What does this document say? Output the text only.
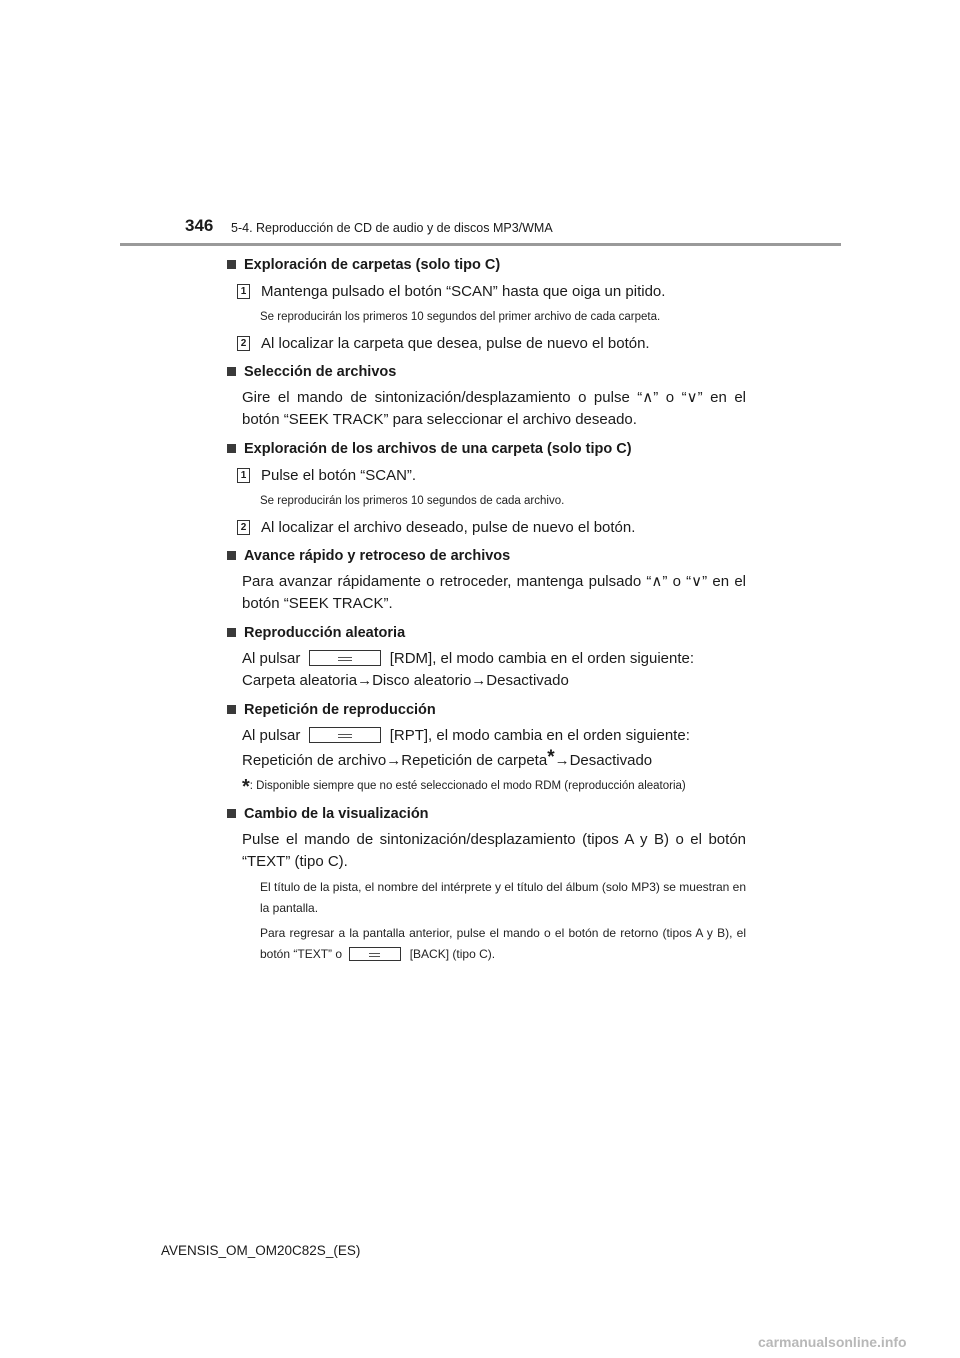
346 5-4. Reproducción de CD de audio y de discos MP3/WMA
Exploración de carpetas (solo tipo C)
1 Mantenga pulsado el botón “SCAN” hasta que oiga un pitido.
Se reproducirán los primeros 10 segundos del primer archivo de cada carpeta.
2 Al localizar la carpeta que desea, pulse de nuevo el botón.
Selección de archivos
Gire el mando de sintonización/desplazamiento o pulse “∧” o “∨” en el botón “SEEK TRACK” para seleccionar el archivo deseado.
Exploración de los archivos de una carpeta (solo tipo C)
1 Pulse el botón “SCAN”.
Se reproducirán los primeros 10 segundos de cada archivo.
2 Al localizar el archivo deseado, pulse de nuevo el botón.
Avance rápido y retroceso de archivos
Para avanzar rápidamente o retroceder, mantenga pulsado “∧” o “∨” en el botón “SEEK TRACK”.
Reproducción aleatoria
Al pulsar	[RDM], el modo cambia en el orden siguiente:
Carpeta aleatoria→Disco aleatorio→Desactivado
Repetición de reproducción
Al pulsar	[RPT], el modo cambia en el orden siguiente:
Repetición de archivo→Repetición de carpeta*→Desactivado
*: Disponible siempre que no esté seleccionado el modo RDM (reproducción aleatoria)
Cambio de la visualización
Pulse el mando de sintonización/desplazamiento (tipos A y B) o el botón “TEXT” (tipo C).
El título de la pista, el nombre del intérprete y el título del álbum (solo MP3) se muestran en la pantalla.
Para regresar a la pantalla anterior, pulse el mando o el botón de retorno (tipos A y B), el botón “TEXT” o	[BACK] (tipo C).
AVENSIS_OM_OM20C82S_(ES)
carmanualsonline.info
